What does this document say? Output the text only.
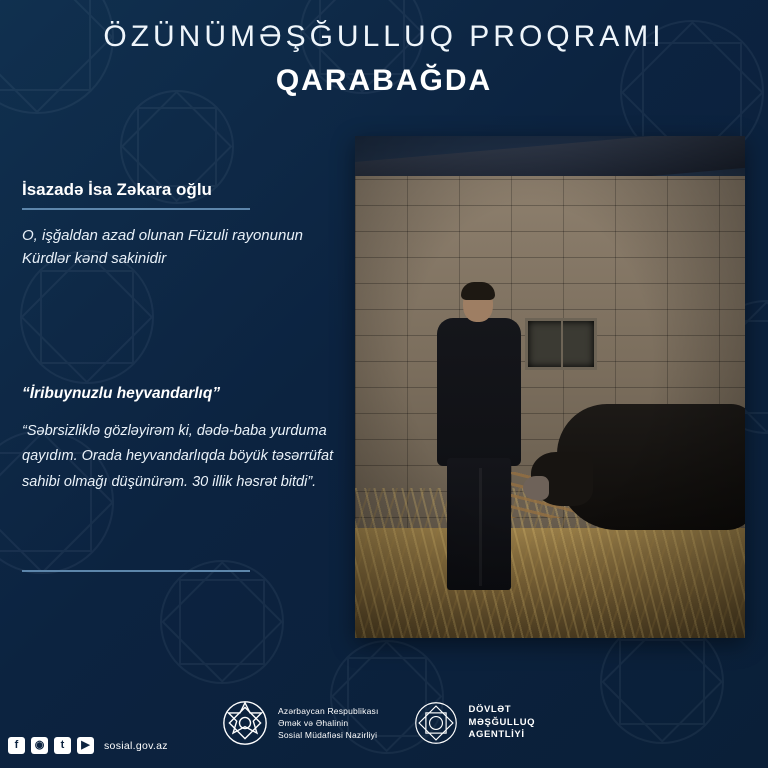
ÖZÜNÜMƏŞĞULLUQ PROQRAMI
QARABAĞDA

İsazadə İsa Zəkara oğlu

O, işğaldan azad olunan Füzuli rayonunun Kürdlər kənd sakinidir

“İribuynuzlu heyvandarlıq”

“Səbrsizliklə gözləyirəm ki, dədə-baba yurduma qayıdım. Orada heyvandarlıqda böyük təsərrüfat sahibi olmağı düşünürəm. 30 illik həsrət bitdi”.

f	◉	t	▶	sosial.gov.az
Azərbaycan Respublikası
Əmək və Əhalinin
Sosial Müdafiəsi Nazirliyi
DÖVLƏT
MƏŞĞULLUQ
AGENTLİYİ
